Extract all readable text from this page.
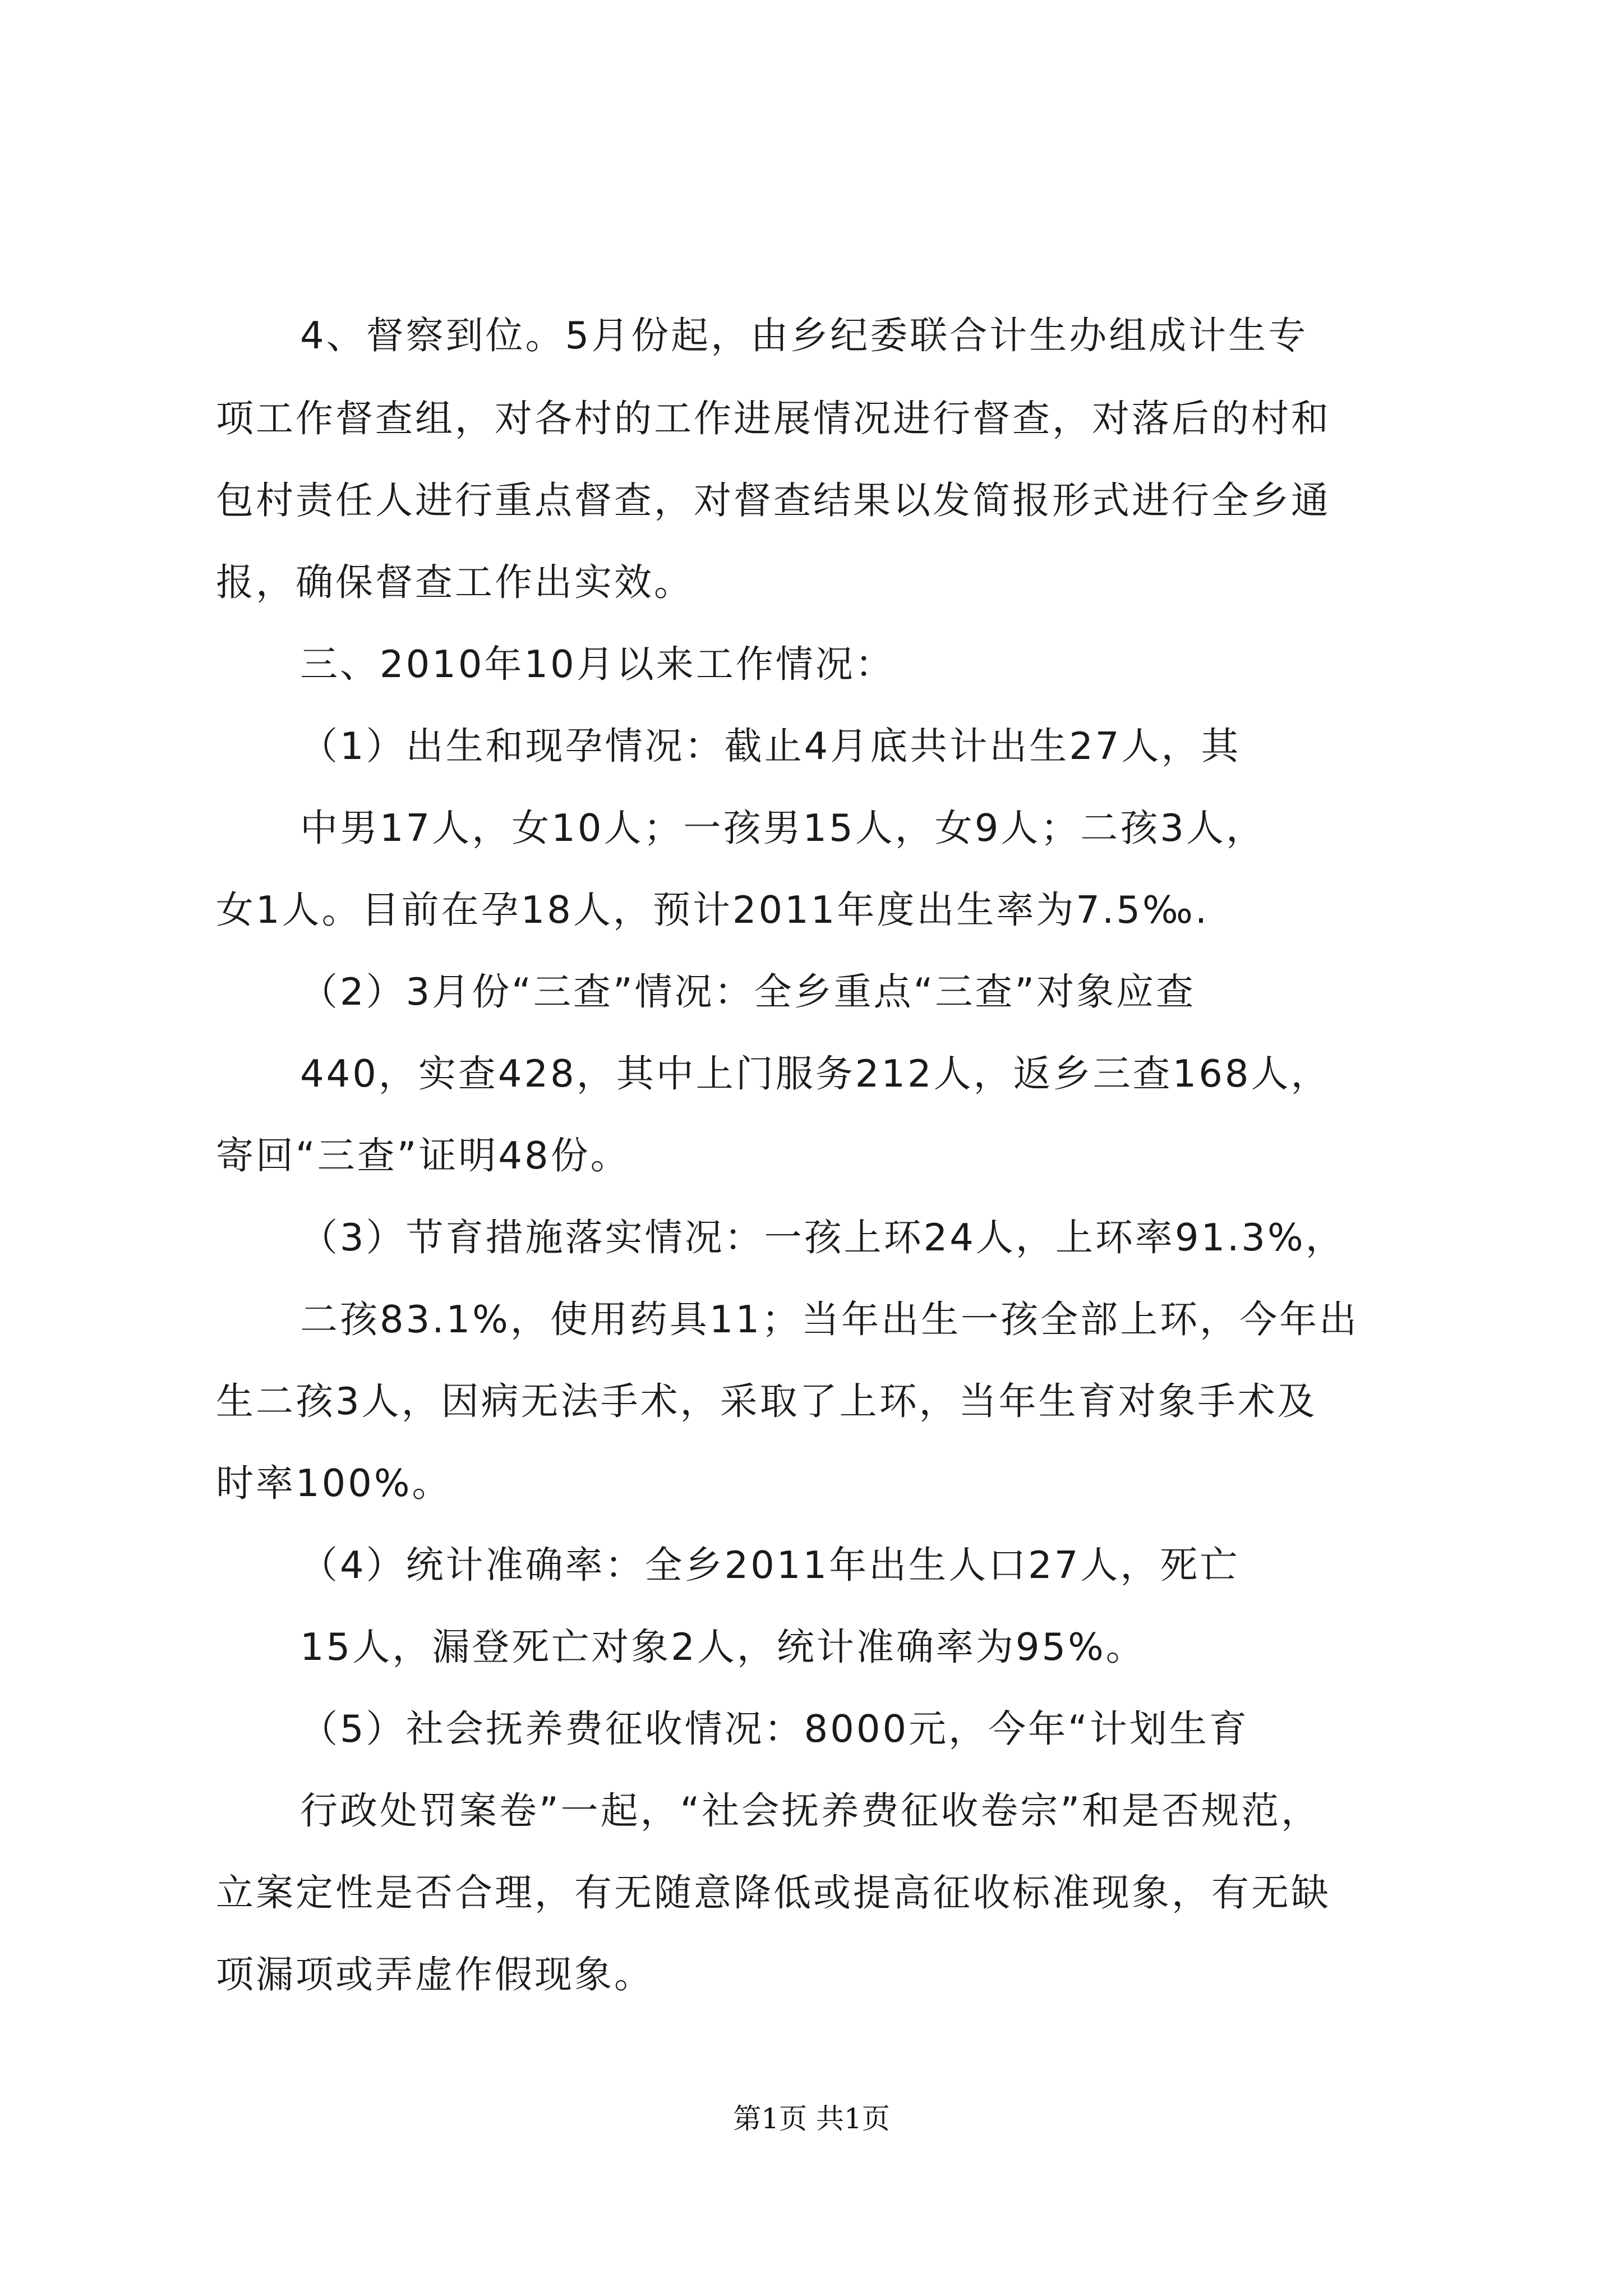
4、督察到位。5月份起，由乡纪委联合计生办组成计生专

项工作督查组，对各村的工作进展情况进行督查，对落后的村和

包村责任人进行重点督查，对督查结果以发简报形式进行全乡通

报，确保督查工作出实效。

三、2010年10月以来工作情况：

（1）出生和现孕情况：截止4月底共计出生27人，其

中男17人，女10人；一孩男15人，女9人；二孩3人，

女1人。目前在孕18人，预计2011年度出生率为7.5‰.

（2）3月份“三查”情况：全乡重点“三查”对象应查

440，实查428，其中上门服务212人，返乡三查168人，

寄回“三查”证明48份。

（3）节育措施落实情况：一孩上环24人，上环率91.3%，

二孩83.1%，使用药具11；当年出生一孩全部上环，今年出

生二孩3人，因病无法手术，采取了上环，当年生育对象手术及

时率100%。

（4）统计准确率：全乡2011年出生人口27人，死亡

15人，漏登死亡对象2人，统计准确率为95%。

（5）社会抚养费征收情况：8000元，今年“计划生育

行政处罚案卷”一起，“社会抚养费征收卷宗”和是否规范，

立案定性是否合理，有无随意降低或提高征收标准现象，有无缺

项漏项或弄虚作假现象。

第1页 共1页
